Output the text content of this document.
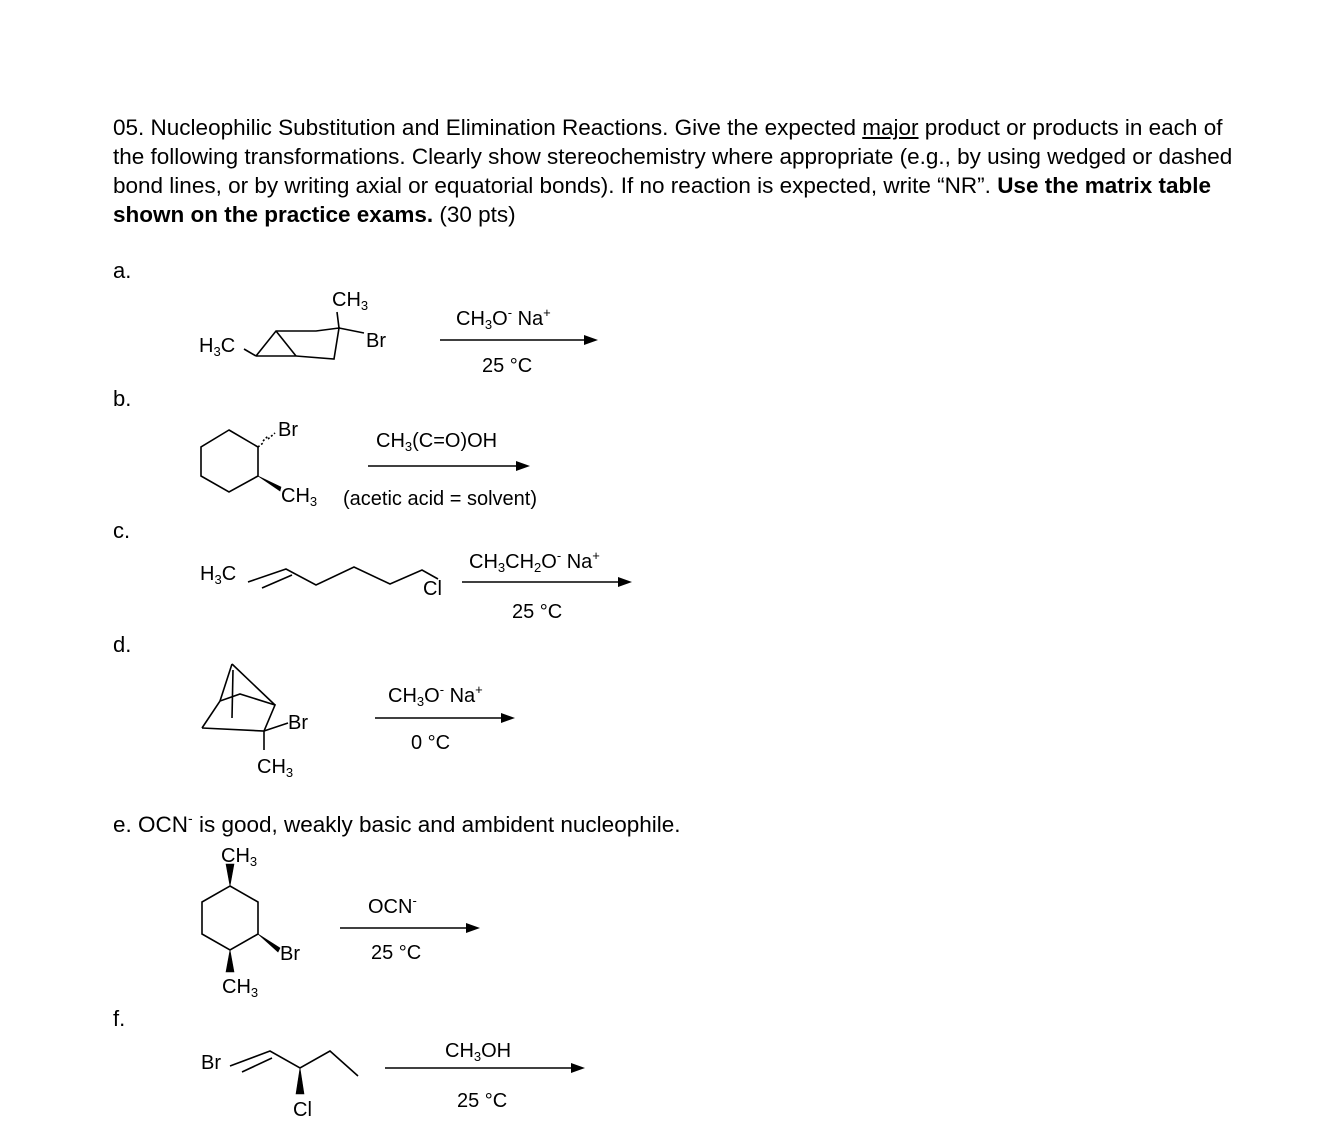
05. Nucleophilic Substitution and Elimination Reactions. Give the expected major product or products in each of the following transformations. Clearly show stereochemistry where appropriate (e.g., by using wedged or dashed bond lines, or by writing axial or equatorial bonds). If no reaction is expected, write “NR”. Use the matrix table shown on the practice exams. (30 pts)
a.
b.
c.
d.
f.
$H_3C$
$CH_3$
Br
$CH_3O^-$ Na+
25 °C
Br
$CH_3$
$CH_3(C=O)OH$
(acetic acid = solvent)
$H_3C$
Cl
$CH_3CH_2O^-$ Na+
25 °C
Br
$CH_3$
$CH_3O^-$ Na+
0 °C
e. OCN- is good, weakly basic and ambident nucleophile.
$CH_3$
Br
$CH_3$
OCN-
25 °C
Br
Cl
$CH_3OH$
25 °C
